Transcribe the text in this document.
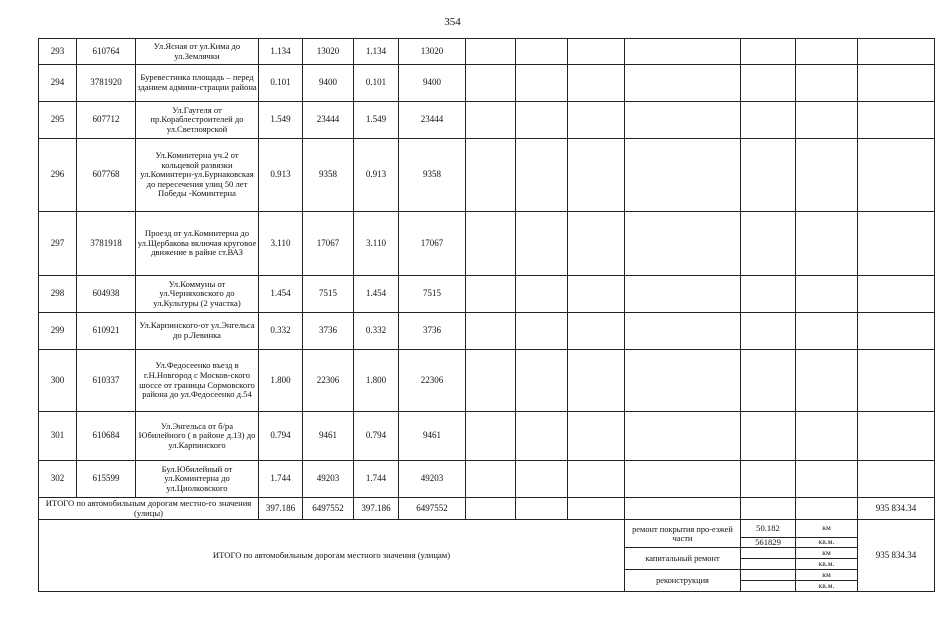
354
293	610764	Ул.Ясная от ул.Кима до ул.Землячки	1.134	13020	1.134	13020							
294	3781920	Буревестника площадь – перед зданием админи-страции района	0.101	9400	0.101	9400							
295	607712	Ул.Гаугеля от пр.Кораблестроителей до ул.Светлоярской	1.549	23444	1.549	23444							
296	607768	Ул.Коминтерна уч.2 от кольцевой развязки ул.Коминтерн-ул.Бурнаковская до пересечения улиц 50 лет Победы -Коминтерна	0.913	9358	0.913	9358							
297	3781918	Проезд от ул.Коминтерна до ул.Щербакова включая круговое движение в райне ст.ВАЗ	3.110	17067	3.110	17067							
298	604938	Ул.Коммуны от ул.Черняховского до ул.Культуры (2 участка)	1.454	7515	1.454	7515							
299	610921	Ул.Карпинского-от ул.Энгельса до р.Левинка	0.332	3736	0.332	3736							
300	610337	Ул.Федосеенко въезд в г.Н.Новгород с Москов-ского шоссе от границы Сормовского района до ул.Федосеенко д.54	1.800	22306	1.800	22306							
301	610684	Ул.Энгельса от б/ра Юбилейного ( в районе д.13) до ул.Карпинского	0.794	9461	0.794	9461							
302	615599	Бул.Юбилейный от ул.Коминтерна до ул.Циолковского	1.744	49203	1.744	49203							
ИТОГО по автомобильным дорогам местно-го значения (улицы)			397.186	6497552	397.186	6497552							935 834.34
ИТОГО по автомобильным дорогам местного значения (улицам)										ремонт покрытия про-езжей части	50.182	км	935 834.34
											561829	кв.м.	
										капитальный ремонт		км	
												кв.м.	
										реконструкция		км	
												кв.м.	
